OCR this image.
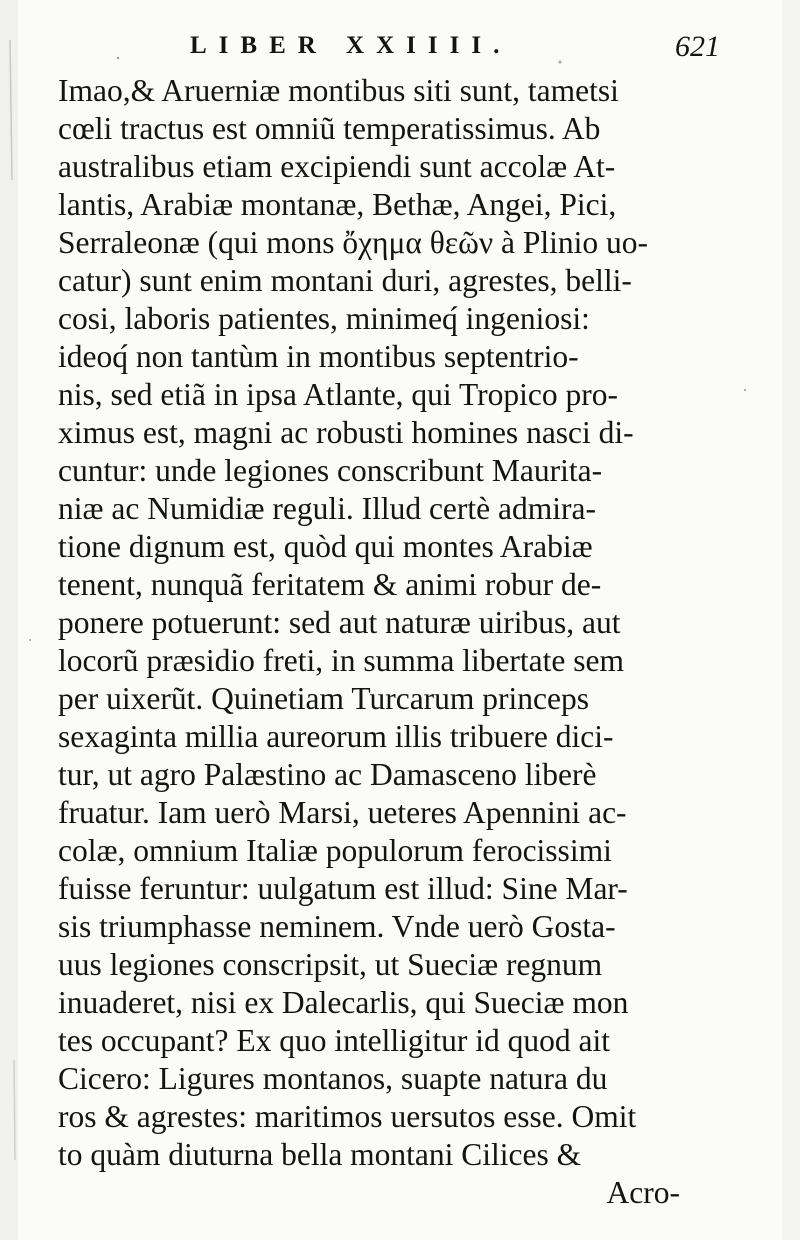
LIBER XXIIII.	621
Imao,& Aruerniæ montibus siti sunt, tametsi
cœli tractus est omniũ temperatissimus. Ab
australibus etiam excipiendi sunt accolæ At-
lantis, Arabiæ montanæ, Bethæ, Angei, Pici,
Serraleonæ (qui mons ὄχημα θεῶν à Plinio uo-
catur) sunt enim montani duri, agrestes, belli-
cosi, laboris patientes, minimeq́ ingeniosi:
ideoq́ non tantùm in montibus septentrio-
nis, sed etiã in ipsa Atlante, qui Tropico pro-
ximus est, magni ac robusti homines nasci di-
cuntur: unde legiones conscribunt Maurita-
niæ ac Numidiæ reguli. Illud certè admira-
tione dignum est, quòd qui montes Arabiæ
tenent, nunquã feritatem & animi robur de-
ponere potuerunt: sed aut naturæ uiribus, aut
locorũ præsidio freti, in summa libertate sem
per uixerũt. Quinetiam Turcarum princeps
sexaginta millia aureorum illis tribuere dici-
tur, ut agro Palæstino ac Damasceno liberè
fruatur. Iam uerò Marsi, ueteres Apennini ac-
colæ, omnium Italiæ populorum ferocissimi
fuisse feruntur: uulgatum est illud: Sine Mar-
sis triumphasse neminem. Vnde uerò Gosta-
uus legiones conscripsit, ut Sueciæ regnum
inuaderet, nisi ex Dalecarlis, qui Sueciæ mon
tes occupant? Ex quo intelligitur id quod ait
Cicero: Ligures montanos, suapte natura du
ros & agrestes: maritimos uersutos esse. Omit
to quàm diuturna bella montani Cilices &
Acro-
